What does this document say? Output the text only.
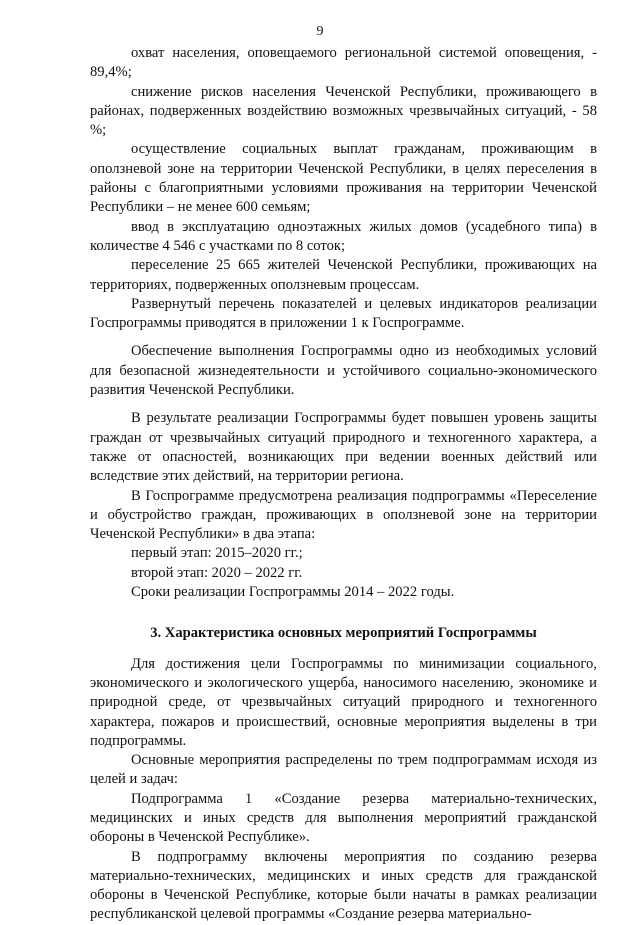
9

охват населения, оповещаемого региональной системой оповещения, - 89,4%;

снижение рисков населения Чеченской Республики, проживающего в районах, подверженных воздействию возможных чрезвычайных ситуаций, - 58 %;

осуществление социальных выплат гражданам, проживающим в оползневой зоне на территории Чеченской Республики, в целях переселения в районы с благоприятными условиями проживания на территории Чеченской Республики – не менее 600 семьям;

ввод в эксплуатацию одноэтажных жилых домов (усадебного типа) в количестве 4 546 с участками по 8 соток;

переселение 25 665 жителей Чеченской Республики, проживающих на территориях, подверженных оползневым процессам.

Развернутый перечень показателей и целевых индикаторов реализации Госпрограммы приводятся в приложении 1 к Госпрограмме.

Обеспечение выполнения Госпрограммы одно из необходимых условий для безопасной жизнедеятельности и устойчивого социально-экономического развития Чеченской Республики.

В результате реализации Госпрограммы будет повышен уровень защиты граждан от чрезвычайных ситуаций природного и техногенного характера, а также от опасностей, возникающих при ведении военных действий или вследствие этих действий, на территории региона.

В Госпрограмме предусмотрена реализация подпрограммы «Переселение и обустройство граждан, проживающих в оползневой зоне на территории Чеченской Республики» в два этапа:

первый этап: 2015–2020 гг.;

второй этап: 2020 – 2022 гг.

Сроки реализации Госпрограммы 2014 – 2022 годы.

3. Характеристика основных мероприятий Госпрограммы

Для достижения цели Госпрограммы по минимизации социального, экономического и экологического ущерба, наносимого населению, экономике и природной среде, от чрезвычайных ситуаций природного и техногенного характера, пожаров и происшествий, основные мероприятия выделены в три подпрограммы.

Основные мероприятия распределены по трем подпрограммам исходя из целей и задач:

Подпрограмма 1 «Создание резерва материально-технических, медицинских и иных средств для выполнения мероприятий гражданской обороны в Чеченской Республике».

В подпрограмму включены мероприятия по созданию резерва материально-технических, медицинских и иных средств для гражданской обороны в Чеченской Республике, которые были начаты в рамках реализации республиканской целевой программы «Создание резерва материально-
